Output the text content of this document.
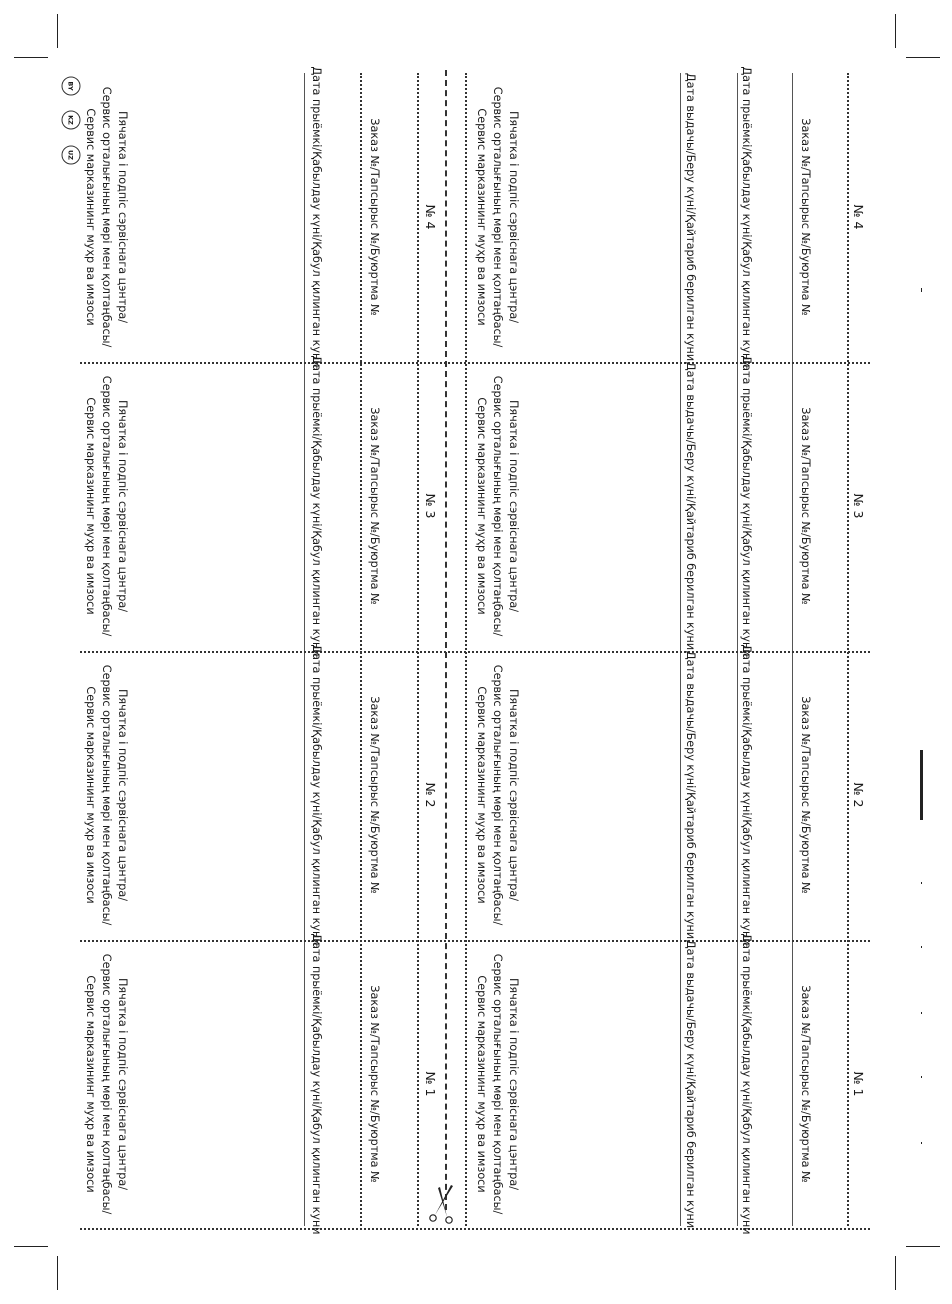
BY
KZ
UZ
№ 4
Заказ №/Тапсырыс №/Буюртма №
Дата прыёмкі/Қабылдау күні/Қабул қилинган куни
Дата выдачы/Беру күні/Қайтариб берилган куни
Пячатка і подпіс сэрвіснага цэнтра/
Сервис орталығының мөрі мен қолтаңбасы/
Сервис марказининг муҳр ва имзоси
№ 4
Заказ №/Тапсырыс №/Буюртма №
Дата прыёмкі/Қабылдау күні/Қабул қилинган куни
Пячатка і подпіс сэрвіснага цэнтра/
Сервис орталығының мөрі мен қолтаңбасы/
Сервис марказининг муҳр ва имзоси
№ 3
Заказ №/Тапсырыс №/Буюртма №
Дата прыёмкі/Қабылдау күні/Қабул қилинган куни
Дата выдачы/Беру күні/Қайтариб берилган куни
Пячатка і подпіс сэрвіснага цэнтра/
Сервис орталығының мөрі мен қолтаңбасы/
Сервис марказининг муҳр ва имзоси
№ 3
Заказ №/Тапсырыс №/Буюртма №
Дата прыёмкі/Қабылдау күні/Қабул қилинган куни
Пячатка і подпіс сэрвіснага цэнтра/
Сервис орталығының мөрі мен қолтаңбасы/
Сервис марказининг муҳр ва имзоси
№ 2
Заказ №/Тапсырыс №/Буюртма №
Дата прыёмкі/Қабылдау күні/Қабул қилинган куни
Дата выдачы/Беру күні/Қайтариб берилган куни
Пячатка і подпіс сэрвіснага цэнтра/
Сервис орталығының мөрі мен қолтаңбасы/
Сервис марказининг муҳр ва имзоси
№ 2
Заказ №/Тапсырыс №/Буюртма №
Дата прыёмкі/Қабылдау күні/Қабул қилинган куни
Пячатка і подпіс сэрвіснага цэнтра/
Сервис орталығының мөрі мен қолтаңбасы/
Сервис марказининг муҳр ва имзоси
№ 1
Заказ №/Тапсырыс №/Буюртма №
Дата прыёмкі/Қабылдау күні/Қабул қилинган куни
Дата выдачы/Беру күні/Қайтариб берилган куни
Пячатка і подпіс сэрвіснага цэнтра/
Сервис орталығының мөрі мен қолтаңбасы/
Сервис марказининг муҳр ва имзоси
№ 1
Заказ №/Тапсырыс №/Буюртма №
Дата прыёмкі/Қабылдау күні/Қабул қилинган куни
Пячатка і подпіс сэрвіснага цэнтра/
Сервис орталығының мөрі мен қолтаңбасы/
Сервис марказининг муҳр ва имзоси
